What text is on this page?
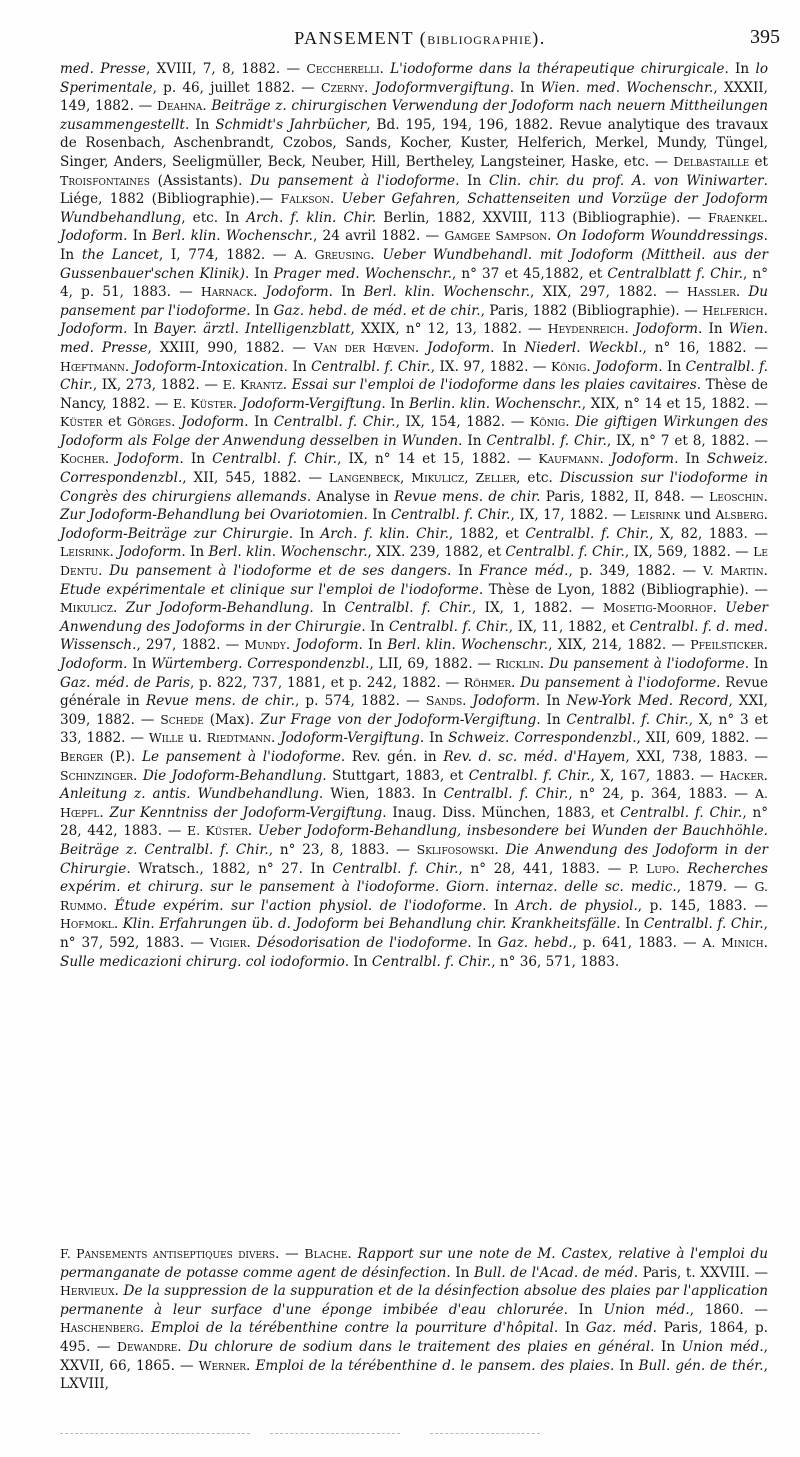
PANSEMENT (BIBLIOGRAPHIE).	395
med. Presse, XVIII, 7, 8, 1882. — Ceccherelli. L'iodoforme dans la thérapeutique chirurgicale. In lo Sperimentale, p. 46, juillet 1882. — Czerny. Jodoformvergiftung. In Wien. med. Wochenschr., XXXII, 149, 1882. — Deahna. Beiträge z. chirurgischen Verwendung der Jodoform nach neuern Mittheilungen zusammengestellt. In Schmidt's Jahrbücher, Bd. 195, 194, 196, 1882. Revue analytique des travaux de Rosenbach, Aschenbrandt, Czobos, Sands, Kocher, Kuster, Helferich, Merkel, Mundy, Tüngel, Singer, Anders, Seeligmüller, Beck, Neuber, Hill, Bertheley, Langsteiner, Haske, etc. — Delbastaille et Troisfontaines (Assistants). Du pansement à l'iodoforme. In Clin. chir. du prof. A. von Winiwarter. Liége, 1882 (Bibliographie).— Falkson. Ueber Gefahren, Schattenseiten und Vorzüge der Jodoform Wundbehandlung, etc. In Arch. f. klin. Chir. Berlin, 1882, XXVIII, 113 (Bibliographie). — Fraenkel. Jodoform. In Berl. klin. Wochenschr., 24 avril 1882. — Gamgee Sampson. On Iodoform Wounddressings. In the Lancet, I, 774, 1882. — A. Greusing. Ueber Wundbehandl. mit Jodoform (Mittheil. aus der Gussenbauer'schen Klinik). In Prager med. Wochenschr., n° 37 et 45,1882, et Centralblatt f. Chir., n° 4, p. 51, 1883. — Harnack. Jodoform. In Berl. klin. Wochenschr., XIX, 297, 1882. — Hassler. Du pansement par l'iodoforme. In Gaz. hebd. de méd. et de chir., Paris, 1882 (Bibliographie). — Helferich. Jodoform. In Bayer. ärztl. Intelligenzblatt, XXIX, n° 12, 13, 1882. — Heydenreich. Jodoform. In Wien. med. Presse, XXIII, 990, 1882. — Van der Hœven. Jodoform. In Niederl. Weckbl., n° 16, 1882. — Hœftmann. Jodoform-Intoxication. In Centralbl. f. Chir., IX. 97, 1882. — König. Jodoform. In Centralbl. f. Chir., IX, 273, 1882. — E. Krantz. Essai sur l'emploi de l'iodoforme dans les plaies cavitaires. Thèse de Nancy, 1882. — E. Küster. Jodoform-Vergiftung. In Berlin. klin. Wochenschr., XIX, n° 14 et 15, 1882. — Küster et Görges. Jodoform. In Centralbl. f. Chir., IX, 154, 1882. — König. Die giftigen Wirkungen des Jodoform als Folge der Anwendung desselben in Wunden. In Centralbl. f. Chir., IX, n° 7 et 8, 1882. — Kocher. Jodoform. In Centralbl. f. Chir., IX, n° 14 et 15, 1882. — Kaufmann. Jodoform. In Schweiz. Correspondenzbl., XII, 545, 1882. — Langenbeck, Mikulicz, Zeller, etc. Discussion sur l'iodoforme in Congrès des chirurgiens allemands. Analyse in Revue mens. de chir. Paris, 1882, II, 848. — Leoschin. Zur Jodoform-Behandlung bei Ovariotomien. In Centralbl. f. Chir., IX, 17, 1882. — Leisrink und Alsberg. Jodoform-Beiträge zur Chirurgie. In Arch. f. klin. Chir., 1882, et Centralbl. f. Chir., X, 82, 1883. — Leisrink. Jodoform. In Berl. klin. Wochenschr., XIX. 239, 1882, et Centralbl. f. Chir., IX, 569, 1882. — Le Dentu. Du pansement à l'iodoforme et de ses dangers. In France méd., p. 349, 1882. — V. Martin. Etude expérimentale et clinique sur l'emploi de l'iodoforme. Thèse de Lyon, 1882 (Bibliographie). — Mikulicz. Zur Jodoform-Behandlung. In Centralbl. f. Chir., IX, 1, 1882. — Mosetig-Moorhof. Ueber Anwendung des Jodoforms in der Chirurgie. In Centralbl. f. Chir., IX, 11, 1882, et Centralbl. f. d. med. Wissensch., 297, 1882. — Mundy. Jodoform. In Berl. klin. Wochenschr., XIX, 214, 1882. — Pfeilsticker. Jodoform. In Würtemberg. Correspondenzbl., LII, 69, 1882. — Ricklin. Du pansement à l'iodoforme. In Gaz. méd. de Paris, p. 822, 737, 1881, et p. 242, 1882. — Röhmer. Du pansement à l'iodoforme. Revue générale in Revue mens. de chir., p. 574, 1882. — Sands. Jodoform. In New-York Med. Record, XXI, 309, 1882. — Schede (Max). Zur Frage von der Jodoform-Vergiftung. In Centralbl. f. Chir., X, n° 3 et 33, 1882. — Wille u. Riedtmann. Jodoform-Vergiftung. In Schweiz. Correspondenzbl., XII, 609, 1882. — Berger (P.). Le pansement à l'iodoforme. Rev. gén. in Rev. d. sc. méd. d'Hayem, XXI, 738, 1883. — Schinzinger. Die Jodoform-Behandlung. Stuttgart, 1883, et Centralbl. f. Chir., X, 167, 1883. — Hacker. Anleitung z. antis. Wundbehandlung. Wien, 1883. In Centralbl. f. Chir., n° 24, p. 364, 1883. — A. Hœpfl. Zur Kenntniss der Jodoform-Vergiftung. Inaug. Diss. München, 1883, et Centralbl. f. Chir., n° 28, 442, 1883. — E. Küster. Ueber Jodoform-Behandlung, insbesondere bei Wunden der Bauchhöhle. Beiträge z. Centralbl. f. Chir., n° 23, 8, 1883. — Sklifosowski. Die Anwendung des Jodoform in der Chirurgie. Wratsch., 1882, n° 27. In Centralbl. f. Chir., n° 28, 441, 1883. — P. Lupo. Recherches expérim. et chirurg. sur le pansement à l'iodoforme. Giorn. internaz. delle sc. medic., 1879. — G. Rummo. Étude expérim. sur l'action physiol. de l'iodoforme. In Arch. de physiol., p. 145, 1883. — Hofmokl. Klin. Erfahrungen üb. d. Jodoform bei Behandlung chir. Krankheitsfälle. In Centralbl. f. Chir., n° 37, 592, 1883. — Vigier. Désodorisation de l'iodoforme. In Gaz. hebd., p. 641, 1883. — A. Minich. Sulle medicazioni chirurg. col iodoformio. In Centralbl. f. Chir., n° 36, 571, 1883.
F. Pansements antiseptiques divers. — Blache. Rapport sur une note de M. Castex, relative à l'emploi du permanganate de potasse comme agent de désinfection. In Bull. de l'Acad. de méd. Paris, t. XXVIII. — Hervieux. De la suppression de la suppuration et de la désinfection absolue des plaies par l'application permanente à leur surface d'une éponge imbibée d'eau chlorurée. In Union méd., 1860. — Haschenberg. Emploi de la térébenthine contre la pourriture d'hôpital. In Gaz. méd. Paris, 1864, p. 495. — Dewandre. Du chlorure de sodium dans le traitement des plaies en général. In Union méd., XXVII, 66, 1865. — Werner. Emploi de la térébenthine d. le pansem. des plaies. In Bull. gén. de thér., LXVIII,
